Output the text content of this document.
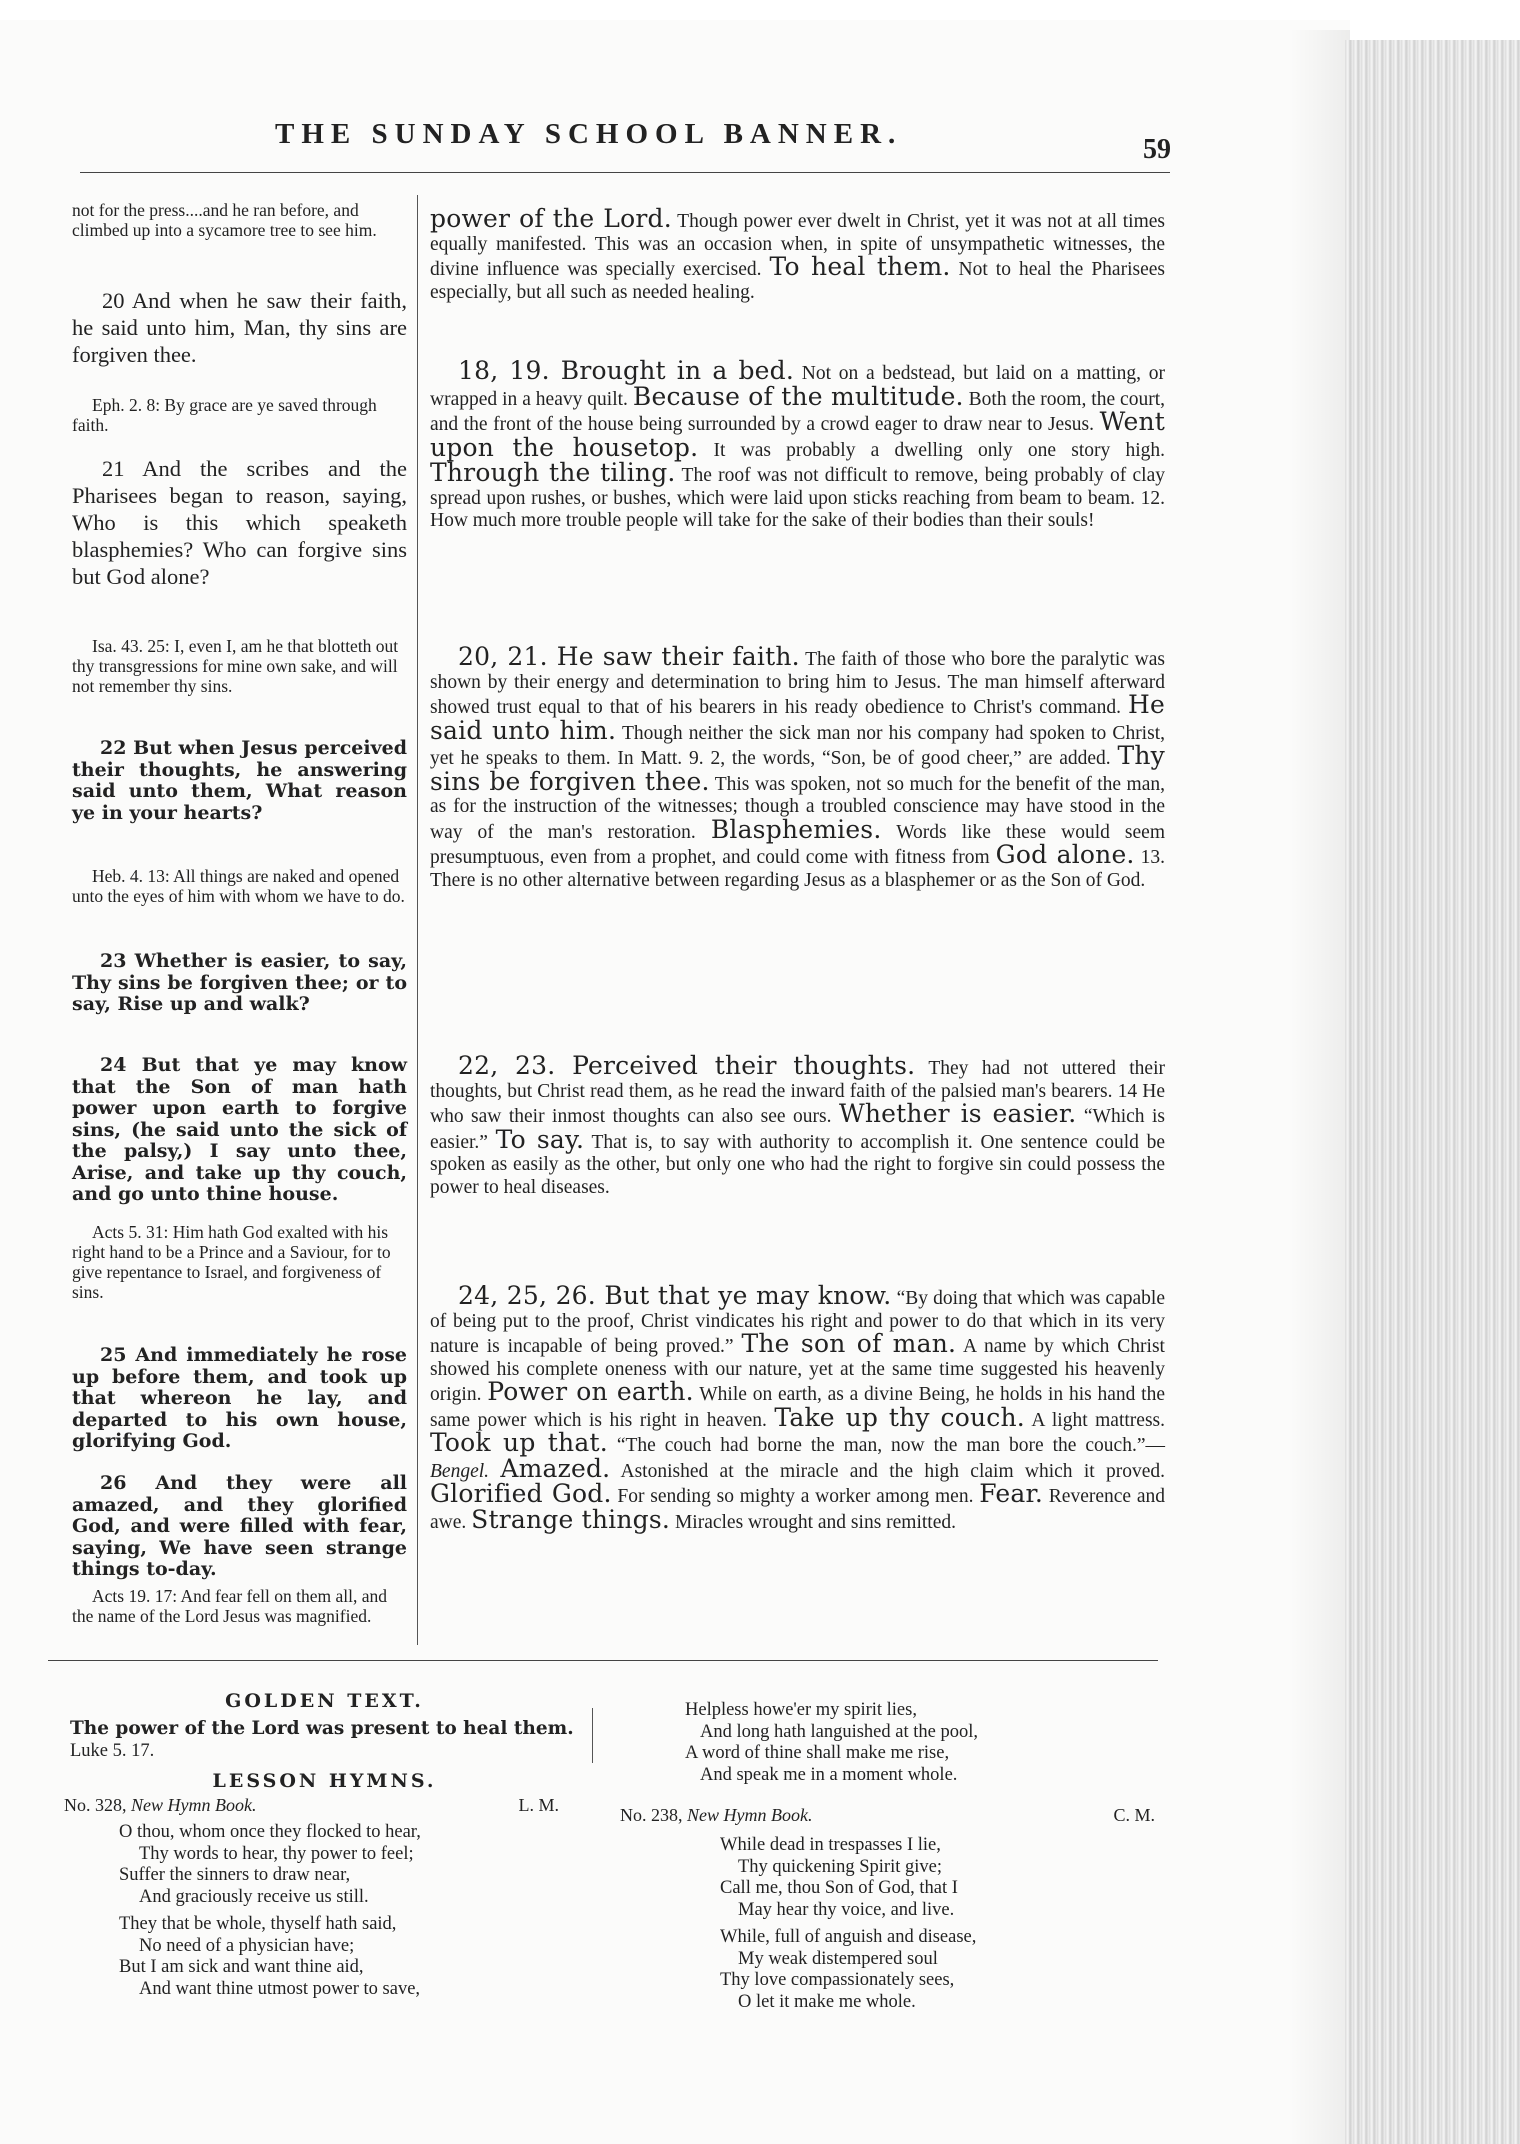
THE SUNDAY SCHOOL BANNER.	59

not for the press....and he ran before, and climbed up into a sycamore tree to see him.

20 And when he saw their faith, he said unto him, Man, thy sins are forgiven thee.

Eph. 2. 8: By grace are ye saved through faith.

21 And the scribes and the Pharisees began to reason, saying, Who is this which speaketh blasphemies? Who can forgive sins but God alone?

Isa. 43. 25: I, even I, am he that blotteth out thy transgressions for mine own sake, and will not remember thy sins.

22 But when Jesus perceived their thoughts, he answering said unto them, What reason ye in your hearts?

Heb. 4. 13: All things are naked and opened unto the eyes of him with whom we have to do.

23 Whether is easier, to say, Thy sins be forgiven thee; or to say, Rise up and walk?

24 But that ye may know that the Son of man hath power upon earth to forgive sins, (he said unto the sick of the palsy,) I say unto thee, Arise, and take up thy couch, and go unto thine house.

Acts 5. 31: Him hath God exalted with his right hand to be a Prince and a Saviour, for to give repentance to Israel, and forgiveness of sins.

25 And immediately he rose up before them, and took up that whereon he lay, and departed to his own house, glorifying God.

26 And they were all amazed, and they glorified God, and were filled with fear, saying, We have seen strange things to-day.

Acts 19. 17: And fear fell on them all, and the name of the Lord Jesus was magnified.

power of the Lord. Though power ever dwelt in Christ, yet it was not at all times equally manifested. This was an occasion when, in spite of unsympathetic witnesses, the divine influence was specially exercised. To heal them. Not to heal the Pharisees especially, but all such as needed healing.

18, 19. Brought in a bed. Not on a bedstead, but laid on a matting, or wrapped in a heavy quilt. Because of the multitude. Both the room, the court, and the front of the house being surrounded by a crowd eager to draw near to Jesus. Went upon the housetop. It was probably a dwelling only one story high. Through the tiling. The roof was not difficult to remove, being probably of clay spread upon rushes, or bushes, which were laid upon sticks reaching from beam to beam. 12. How much more trouble people will take for the sake of their bodies than their souls!

20, 21. He saw their faith. The faith of those who bore the paralytic was shown by their energy and determination to bring him to Jesus. The man himself afterward showed trust equal to that of his bearers in his ready obedience to Christ's command. He said unto him. Though neither the sick man nor his company had spoken to Christ, yet he speaks to them. In Matt. 9. 2, the words, “Son, be of good cheer,” are added. Thy sins be forgiven thee. This was spoken, not so much for the benefit of the man, as for the instruction of the witnesses; though a troubled conscience may have stood in the way of the man's restoration. Blasphemies. Words like these would seem presumptuous, even from a prophet, and could come with fitness from God alone. 13. There is no other alternative between regarding Jesus as a blasphemer or as the Son of God.

22, 23. Perceived their thoughts. They had not uttered their thoughts, but Christ read them, as he read the inward faith of the palsied man's bearers. 14 He who saw their inmost thoughts can also see ours. Whether is easier. “Which is easier.” To say. That is, to say with authority to accomplish it. One sentence could be spoken as easily as the other, but only one who had the right to forgive sin could possess the power to heal diseases.

24, 25, 26. But that ye may know. “By doing that which was capable of being put to the proof, Christ vindicates his right and power to do that which in its very nature is incapable of being proved.” The son of man. A name by which Christ showed his complete oneness with our nature, yet at the same time suggested his heavenly origin. Power on earth. While on earth, as a divine Being, he holds in his hand the same power which is his right in heaven. Take up thy couch. A light mattress. Took up that. “The couch had borne the man, now the man bore the couch.”—Bengel. Amazed. Astonished at the miracle and the high claim which it proved. Glorified God. For sending so mighty a worker among men. Fear. Reverence and awe. Strange things. Miracles wrought and sins remitted.

GOLDEN TEXT.
The power of the Lord was present to heal them. Luke 5. 17.
LESSON HYMNS.
No. 328, New Hymn Book.	L. M.
O thou, whom once they flocked to hear,
Thy words to hear, thy power to feel;
Suffer the sinners to draw near,
And graciously receive us still.
They that be whole, thyself hath said,
No need of a physician have;
But I am sick and want thine aid,
And want thine utmost power to save,
Helpless howe'er my spirit lies,
And long hath languished at the pool,
A word of thine shall make me rise,
And speak me in a moment whole.
No. 238, New Hymn Book.	C. M.
While dead in trespasses I lie,
Thy quickening Spirit give;
Call me, thou Son of God, that I
May hear thy voice, and live.
While, full of anguish and disease,
My weak distempered soul
Thy love compassionately sees,
O let it make me whole.
